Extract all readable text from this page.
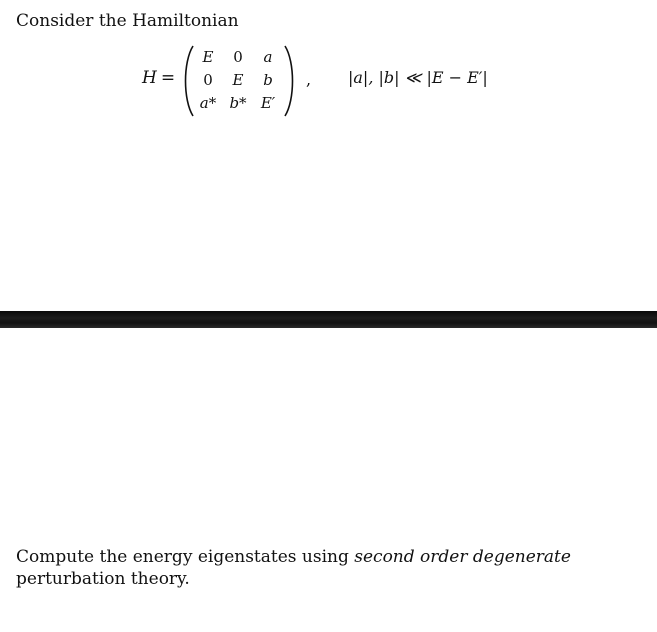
Consider the Hamiltonian
H =
E	0	a
0	E	b
a* b* E′
, |a|, |b| ≪ |E − E′|
Compute the energy eigenstates using second order degenerate perturbation theory.
